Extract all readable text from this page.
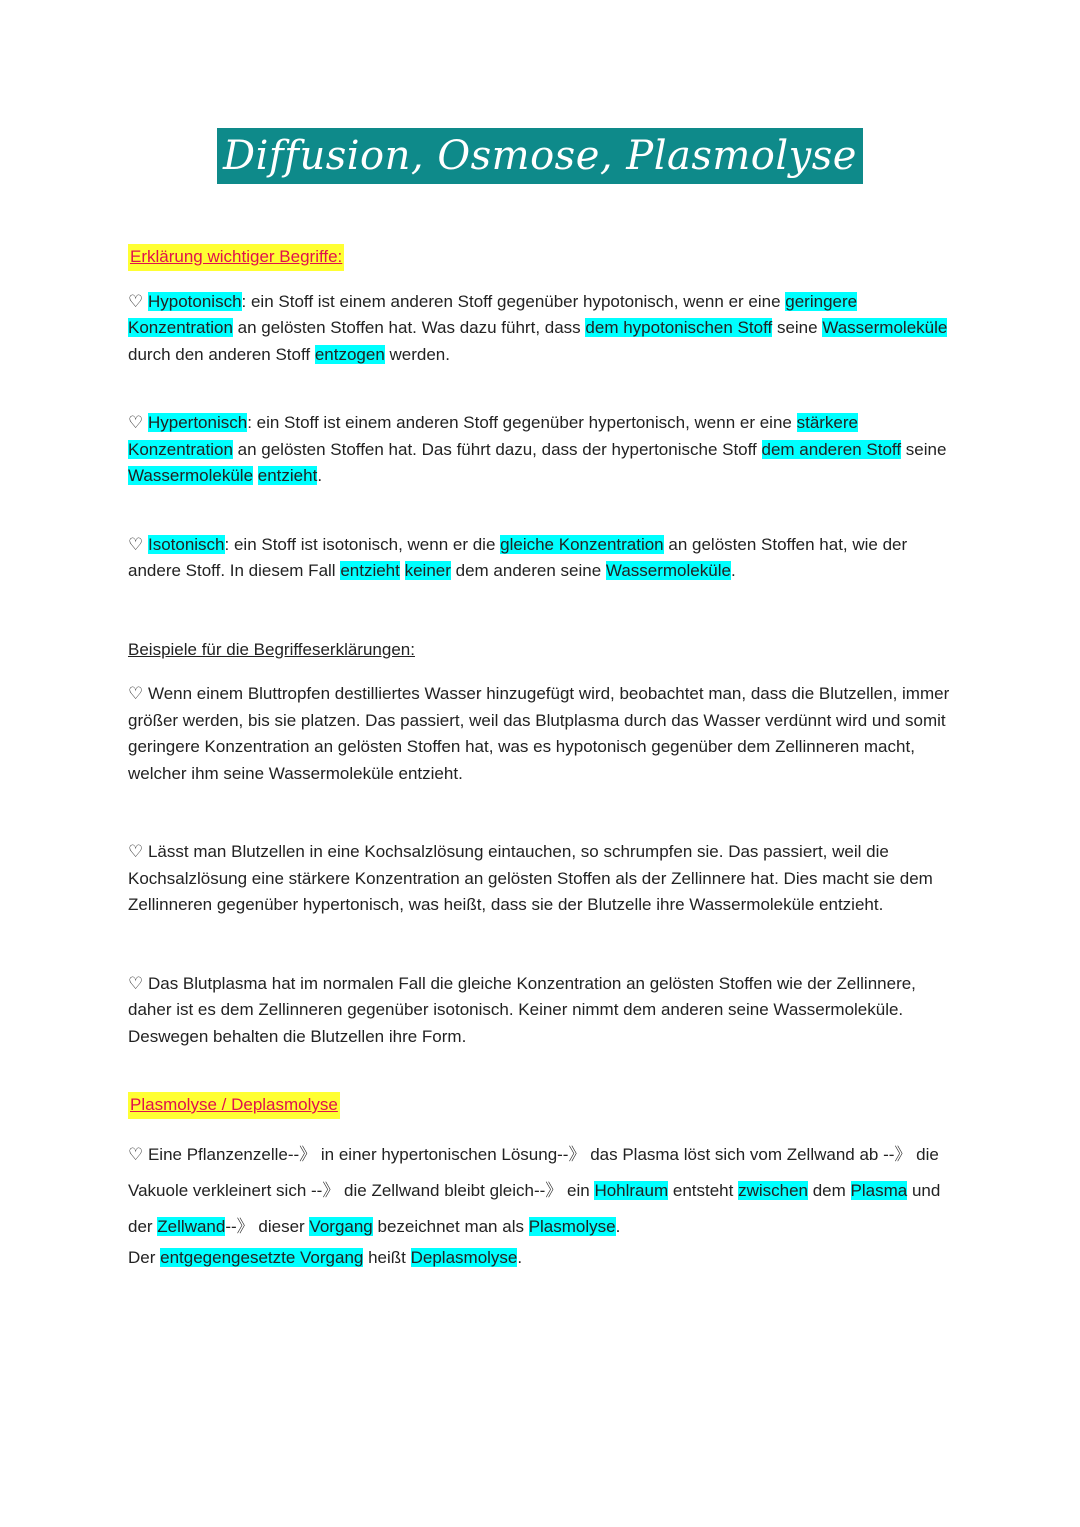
Diffusion, Osmose, Plasmolyse
Erklärung wichtiger Begriffe:

♡ Hypotonisch: ein Stoff ist einem anderen Stoff gegenüber hypotonisch, wenn er eine geringere Konzentration an gelösten Stoffen hat. Was dazu führt, dass dem hypotonischen Stoff seine Wassermoleküle durch den anderen Stoff entzogen werden.

♡ Hypertonisch: ein Stoff ist einem anderen Stoff gegenüber hypertonisch, wenn er eine stärkere Konzentration an gelösten Stoffen hat. Das führt dazu, dass der hypertonische Stoff dem anderen Stoff seine Wassermoleküle entzieht.

♡ Isotonisch: ein Stoff ist isotonisch, wenn er die gleiche Konzentration an gelösten Stoffen hat, wie der andere Stoff. In diesem Fall entzieht keiner dem anderen seine Wassermoleküle.

Beispiele für die Begriffeserklärungen:

♡ Wenn einem Bluttropfen destilliertes Wasser hinzugefügt wird, beobachtet man, dass die Blutzellen, immer größer werden, bis sie platzen. Das passiert, weil das Blutplasma durch das Wasser verdünnt wird und somit geringere Konzentration an gelösten Stoffen hat, was es hypotonisch gegenüber dem Zellinneren macht, welcher ihm seine Wassermoleküle entzieht.

♡ Lässt man Blutzellen in eine Kochsalzlösung eintauchen, so schrumpfen sie. Das passiert, weil die Kochsalzlösung eine stärkere Konzentration an gelösten Stoffen als der Zellinnere hat. Dies macht sie dem Zellinneren gegenüber hypertonisch, was heißt, dass sie der Blutzelle ihre Wassermoleküle entzieht.

♡ Das Blutplasma hat im normalen Fall die gleiche Konzentration an gelösten Stoffen wie der Zellinnere, daher ist es dem Zellinneren gegenüber isotonisch. Keiner nimmt dem anderen seine Wassermoleküle. Deswegen behalten die Blutzellen ihre Form.

Plasmolyse / Deplasmolyse

♡ Eine Pflanzenzelle--》 in einer hypertonischen Lösung--》 das Plasma löst sich vom Zellwand ab --》 die Vakuole verkleinert sich --》 die Zellwand bleibt gleich--》 ein Hohlraum entsteht zwischen dem Plasma und der Zellwand--》 dieser Vorgang bezeichnet man als Plasmolyse.

Der entgegengesetzte Vorgang heißt Deplasmolyse.
